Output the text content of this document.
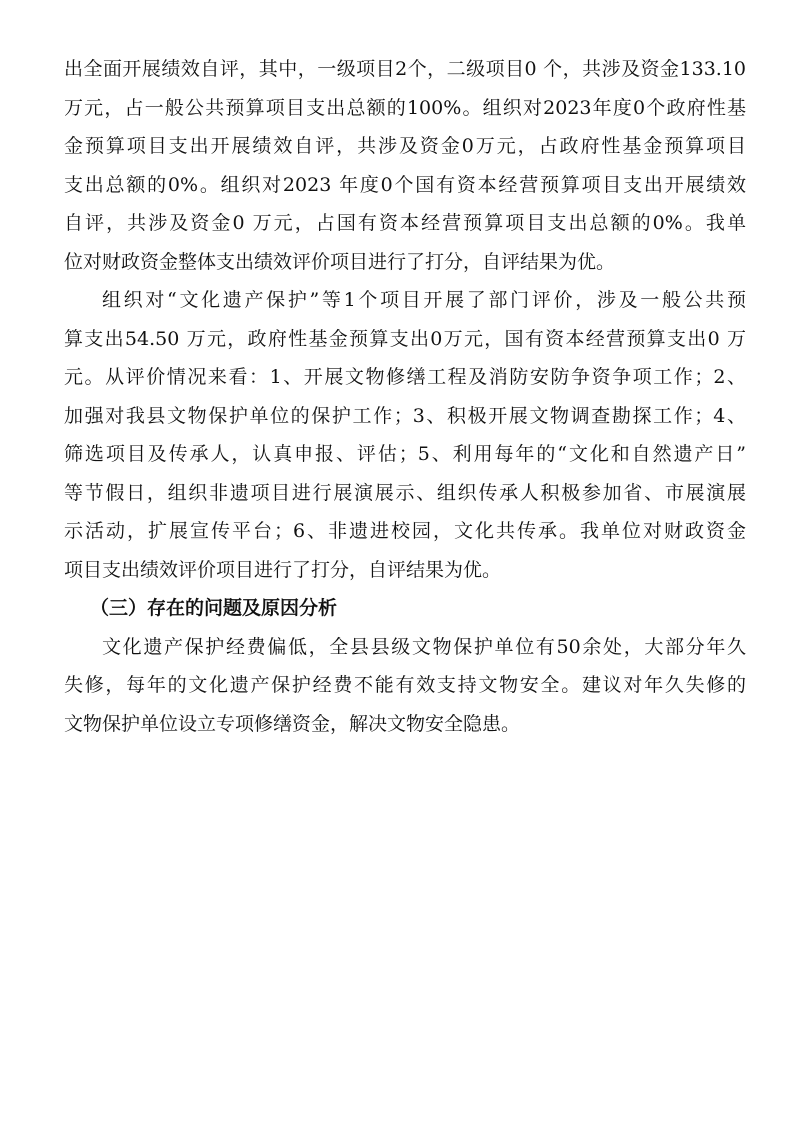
出全面开展绩效自评，其中，一级项目2个，二级项目0 个，共涉及资金133.10
万元，占一般公共预算项目支出总额的100%。组织对2023年度0个政府性基
金预算项目支出开展绩效自评，共涉及资金0万元，占政府性基金预算项目
支出总额的0%。组织对2023 年度0个国有资本经营预算项目支出开展绩效
自评，共涉及资金0 万元，占国有资本经营预算项目支出总额的0%。我单
位对财政资金整体支出绩效评价项目进行了打分，自评结果为优。
组织对“文化遗产保护”等1个项目开展了部门评价，涉及一般公共预
算支出54.50 万元，政府性基金预算支出0万元，国有资本经营预算支出0 万
元。从评价情况来看：1、开展文物修缮工程及消防安防争资争项工作；2、
加强对我县文物保护单位的保护工作；3、积极开展文物调查勘探工作；4、
筛选项目及传承人，认真申报、评估；5、利用每年的“文化和自然遗产日”
等节假日，组织非遗项目进行展演展示、组织传承人积极参加省、市展演展
示活动，扩展宣传平台；6、非遗进校园，文化共传承。我单位对财政资金
项目支出绩效评价项目进行了打分，自评结果为优。
（三）存在的问题及原因分析
文化遗产保护经费偏低，全县县级文物保护单位有50余处，大部分年久
失修，每年的文化遗产保护经费不能有效支持文物安全。建议对年久失修的
文物保护单位设立专项修缮资金，解决文物安全隐患。
